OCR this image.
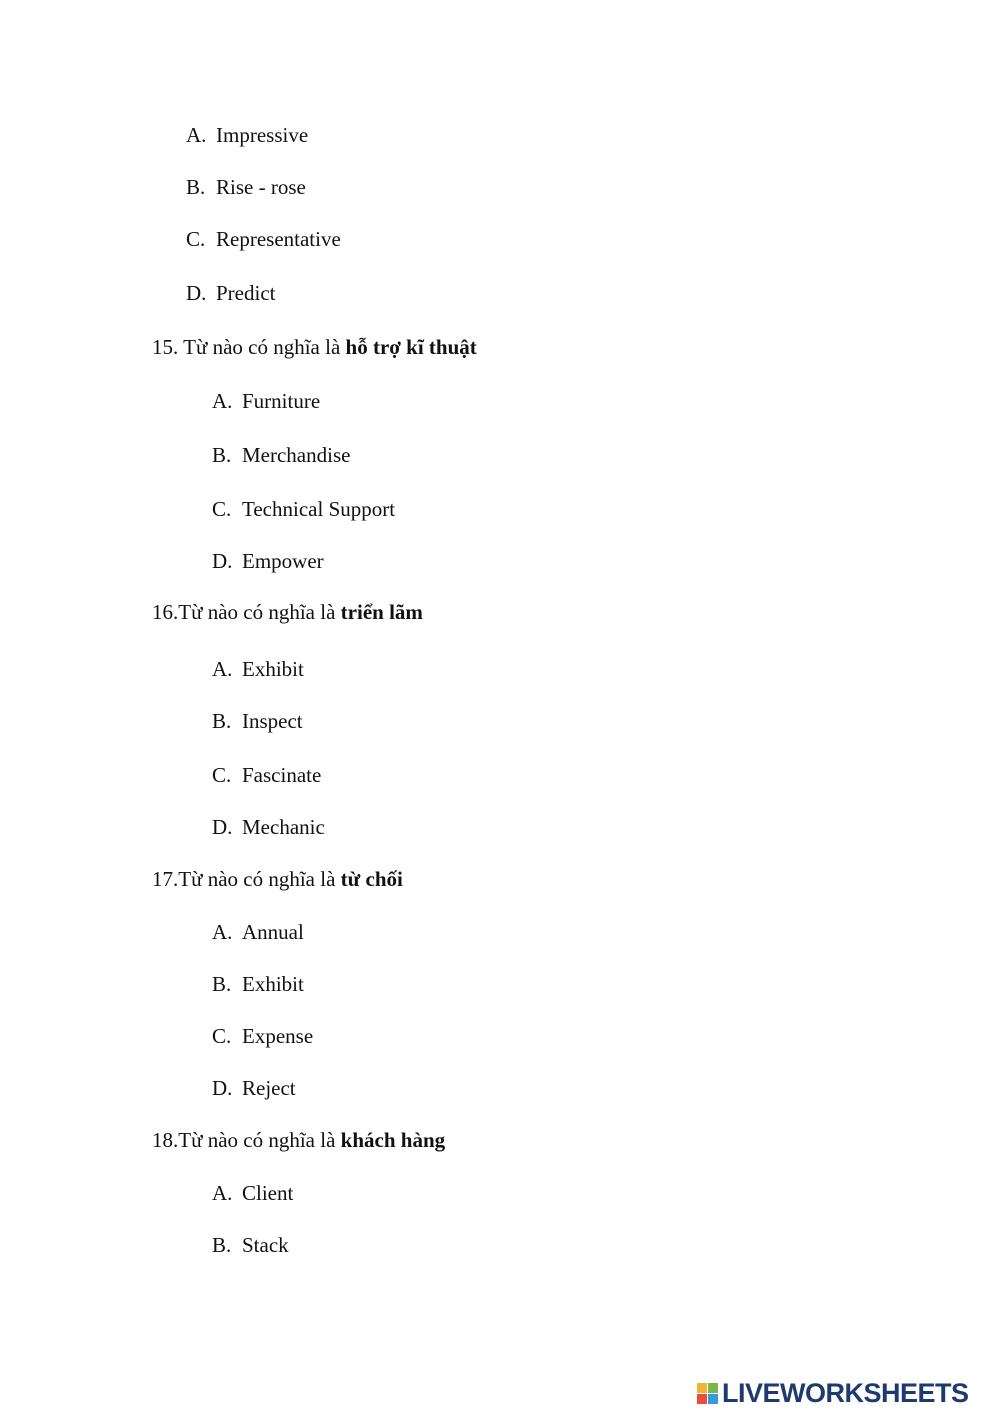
A. Impressive
B. Rise - rose
C. Representative
D. Predict
15. Từ nào có nghĩa là hỗ trợ kĩ thuật
A. Furniture
B. Merchandise
C. Technical Support
D. Empower
16.Từ nào có nghĩa là triển lãm
A. Exhibit
B. Inspect
C. Fascinate
D. Mechanic
17.Từ nào có nghĩa là từ chối
A. Annual
B. Exhibit
C. Expense
D. Reject
18.Từ nào có nghĩa là khách hàng
A. Client
B. Stack
LIVEWORKSHEETS
